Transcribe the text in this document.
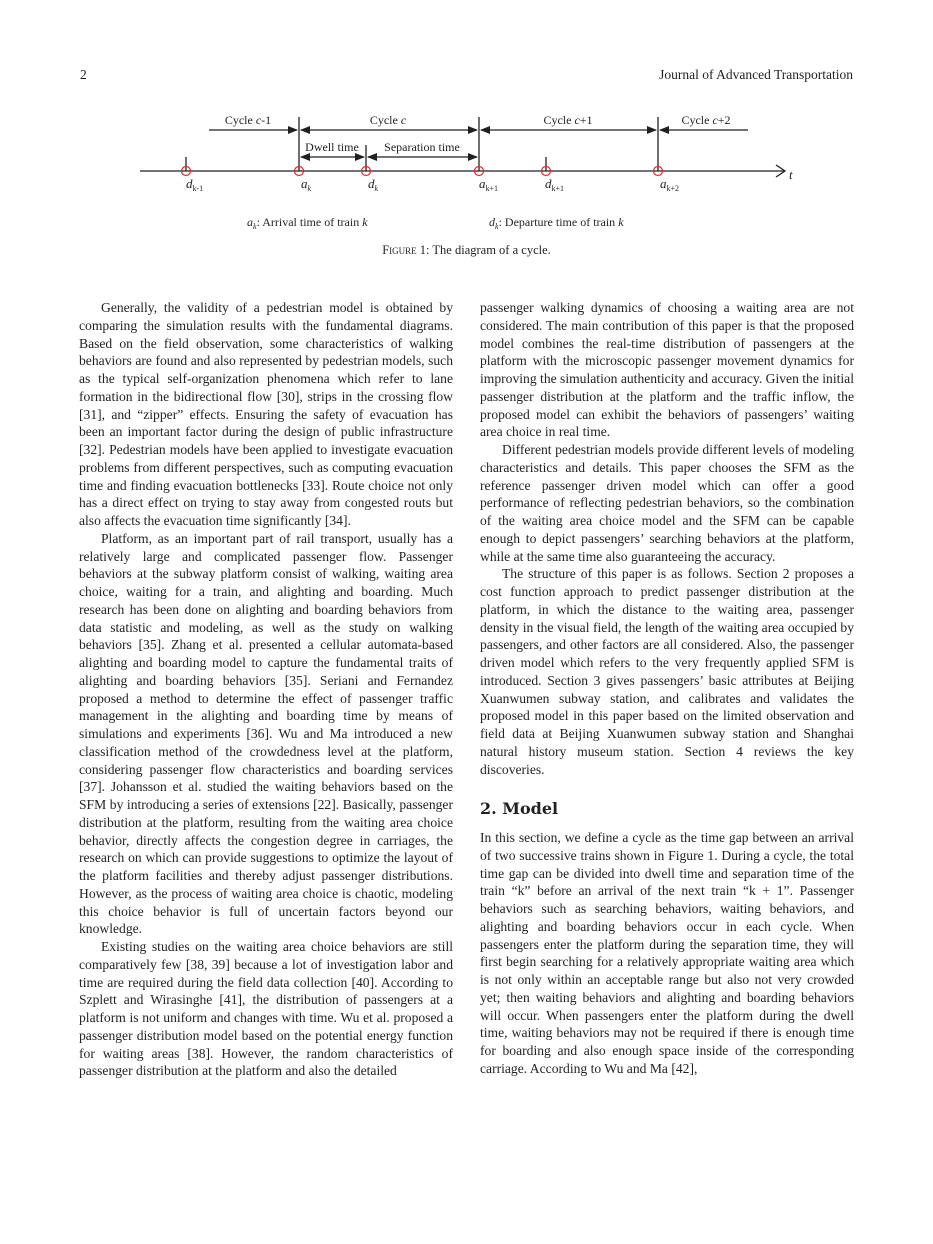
2	Journal of Advanced Transportation
t
Cycle c-1	Cycle c	Cycle c+1	Cycle c+2
Dwell time Separation time
$d_{k-1}$	$a_k$	$d_k$	$a_{k+1}$	$d_{k+1}$	$a_{k+2}$
$a_k$: Arrival time of train k	$d_k$: Departure time of train k
Figure 1: The diagram of a cycle.

Generally, the validity of a pedestrian model is obtained by comparing the simulation results with the fundamental diagrams. Based on the field observation, some characteristics of walking behaviors are found and also represented by pedestrian models, such as the typical self-organization phenomena which refer to lane formation in the bidirectional flow [30], strips in the crossing flow [31], and “zipper” effects. Ensuring the safety of evacuation has been an important factor during the design of public infrastructure [32]. Pedestrian models have been applied to investigate evacuation problems from different perspectives, such as computing evacuation time and finding evacuation bottlenecks [33]. Route choice not only has a direct effect on trying to stay away from congested routs but also affects the evacuation time significantly [34].

Platform, as an important part of rail transport, usually has a relatively large and complicated passenger flow. Passenger behaviors at the subway platform consist of walking, waiting area choice, waiting for a train, and alighting and boarding. Much research has been done on alighting and boarding behaviors from data statistic and modeling, as well as the study on walking behaviors [35]. Zhang et al. presented a cellular automata-based alighting and boarding model to capture the fundamental traits of alighting and boarding behaviors [35]. Seriani and Fernandez proposed a method to determine the effect of passenger traffic management in the alighting and boarding time by means of simulations and experiments [36]. Wu and Ma introduced a new classification method of the crowdedness level at the platform, considering passenger flow characteristics and boarding services [37]. Johansson et al. studied the waiting behaviors based on the SFM by introducing a series of extensions [22]. Basically, passenger distribution at the platform, resulting from the waiting area choice behavior, directly affects the congestion degree in carriages, the research on which can provide suggestions to optimize the layout of the platform facilities and thereby adjust passenger distributions. However, as the process of waiting area choice is chaotic, modeling this choice behavior is full of uncertain factors beyond our knowledge.

Existing studies on the waiting area choice behaviors are still comparatively few [38, 39] because a lot of investigation labor and time are required during the field data collection [40]. According to Szplett and Wirasinghe [41], the distribution of passengers at a platform is not uniform and changes with time. Wu et al. proposed a passenger distribution model based on the potential energy function for waiting areas [38]. However, the random characteristics of passenger distribution at the platform and also the detailed

passenger walking dynamics of choosing a waiting area are not considered. The main contribution of this paper is that the proposed model combines the real-time distribution of passengers at the platform with the microscopic passenger movement dynamics for improving the simulation authenticity and accuracy. Given the initial passenger distribution at the platform and the traffic inflow, the proposed model can exhibit the behaviors of passengers’ waiting area choice in real time.

Different pedestrian models provide different levels of modeling characteristics and details. This paper chooses the SFM as the reference passenger driven model which can offer a good performance of reflecting pedestrian behaviors, so the combination of the waiting area choice model and the SFM can be capable enough to depict passengers’ searching behaviors at the platform, while at the same time also guaranteeing the accuracy.

The structure of this paper is as follows. Section 2 proposes a cost function approach to predict passenger distribution at the platform, in which the distance to the waiting area, passenger density in the visual field, the length of the waiting area occupied by passengers, and other factors are all considered. Also, the passenger driven model which refers to the very frequently applied SFM is introduced. Section 3 gives passengers’ basic attributes at Beijing Xuanwumen subway station, and calibrates and validates the proposed model in this paper based on the limited observation and field data at Beijing Xuanwumen subway station and Shanghai natural history museum station. Section 4 reviews the key discoveries.

2. Model

In this section, we define a cycle as the time gap between an arrival of two successive trains shown in Figure 1. During a cycle, the total time gap can be divided into dwell time and separation time of the train “k” before an arrival of the next train “k + 1”. Passenger behaviors such as searching behaviors, waiting behaviors, and alighting and boarding behaviors occur in each cycle. When passengers enter the platform during the separation time, they will first begin searching for a relatively appropriate waiting area which is not only within an acceptable range but also not very crowded yet; then waiting behaviors and alighting and boarding behaviors will occur. When passengers enter the platform during the dwell time, waiting behaviors may not be required if there is enough time for boarding and also enough space inside of the corresponding carriage. According to Wu and Ma [42],
